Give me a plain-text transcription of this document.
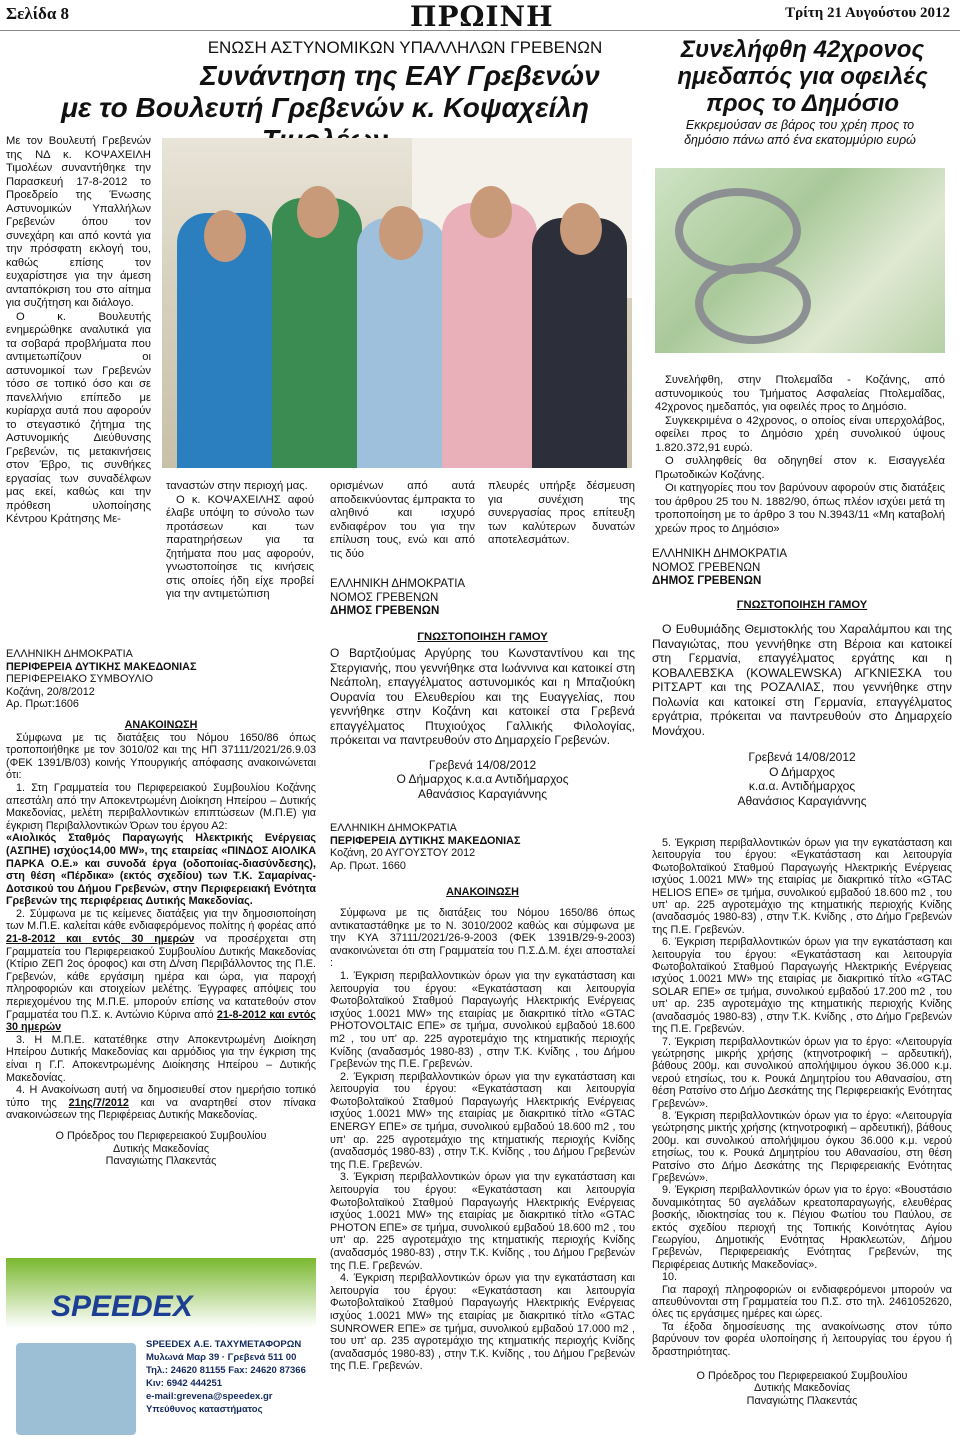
Σελίδα 8	ΠΡΩΙΝΗ	Τρίτη 21 Αυγούστου 2012
ΕΝΩΣΗ ΑΣΤΥΝΟΜΙΚΩΝ ΥΠΑΛΛΗΛΩΝ ΓΡΕΒΕΝΩΝ
Συνάντηση της ΕΑΥ Γρεβενών
με το Βουλευτή Γρεβενών κ. Κοψαχείλη

Με τον Βουλευτή Γρεβενών της ΝΔ κ. ΚΟΨΑΧΕΙΛΗ Τιμολέων συναντήθηκε την Παρασκευή 17-8-2012 το Προεδρείο της Ένωσης Αστυνομικών Υπαλλήλων Γρεβενών όπου τον συνεχάρη και από κοντά για την πρόσφατη εκλογή του, καθώς επίσης τον ευχαρίστησε για την άμεση ανταπόκριση του στο αίτημα για συζήτηση και διάλογο.

Ο κ. Βουλευτής ενημερώθηκε αναλυτικά για τα σοβαρά προβλήματα που αντιμετωπίζουν οι αστυνομικοί των Γρεβενών τόσο σε τοπικό όσο και σε πανελλήνιο επίπεδο με κυρίαρχα αυτά που αφορούν το στεγαστικό ζήτημα της Αστυνομικής Διεύθυνσης Γρεβενών, τις μετακινήσεις στον Έβρο, τις συνθήκες εργασίας των συναδέλφων μας εκεί, καθώς και την πρόθεση υλοποίησης Κέντρου Κράτησης Με-

ταναστών στην περιοχή μας.

Ο κ. ΚΟΨΑΧΕΙΛΗΣ αφού έλαβε υπόψη το σύνολο των προτάσεων και των παρατηρήσεων για τα ζητήματα που μας αφορούν, γνωστοποίησε τις κινήσεις στις οποίες ήδη είχε προβεί για την αντιμετώπιση

ορισμένων από αυτά αποδεικνύοντας έμπρακτα το αληθινό και ισχυρό ενδιαφέρον του για την επίλυση τους, ενώ και από τις δύο
πλευρές υπήρξε δέσμευση για συνέχιση της συνεργασίας προς επίτευξη των καλύτερων δυνατών αποτελεσμάτων.
Συνελήφθη 42χρονος
ημεδαπός για οφειλές
προς το Δημόσιο
Εκκρεμούσαν σε βάρος του χρέη προς το δημόσιο πάνω από ένα εκατομμύριο ευρώ

Συνελήφθη, στην Πτολεμαΐδα - Κοζάνης, από αστυνομικούς του Τμήματος Ασφαλείας Πτολεμαΐδας, 42χρονος ημεδαπός, για οφειλές προς το Δημόσιο.

Συγκεκριμένα ο 42χρονος, ο οποίος είναι υπερχολάβος, οφείλει προς το Δημόσιο χρέη συνολικού ύψους 1.820.372,91 ευρώ.

Ο συλληφθείς θα οδηγηθεί στον κ. Εισαγγελέα Πρωτοδικών Κοζάνης.

Οι κατηγορίες που τον βαρύνουν αφορούν στις διατάξεις του άρθρου 25 του Ν. 1882/90, όπως πλέον ισχύει μετά τη τροποποίηση με το άρθρο 3 του Ν.3943/11 «Μη καταβολή χρεών προς το Δημόσιο»

ΕΛΛΗΝΙΚΗ ΔΗΜΟΚΡΑΤΙΑ
ΝΟΜΟΣ ΓΡΕΒΕΝΩΝ
ΔΗΜΟΣ ΓΡΕΒΕΝΩΝ
ΓΝΩΣΤΟΠΟΙΗΣΗ ΓΑΜΟΥ

Ο Ευθυμιάδης Θεμιστοκλής του Χαραλάμπου και της Παναγιώτας, που γεννήθηκε στη Βέροια και κατοικεί στη Γερμανία, επαγγέλματος εργάτης και η ΚΟΒΑΛΕΒΣΚΑ (KOWALEWSKA) ΑΓΚΝΙΕΣΚΑ του ΡΙΤΣΑΡΤ και της ΡΟΖΑΛΙΑΣ, που γεννήθηκε στην Πολωνία και κατοικεί στη Γερμανία, επαγγέλματος εργάτρια, πρόκειται να παντρευθούν στο Δημαρχείο Μονάχου.

Γρεβενά 14/08/2012
Ο Δήμαρχος
κ.α.α. Αντιδήμαρχος
Αθανάσιος Καραγιάννης
ΕΛΛΗΝΙΚΗ ΔΗΜΟΚΡΑΤΙΑ
ΝΟΜΟΣ ΓΡΕΒΕΝΩΝ
ΔΗΜΟΣ ΓΡΕΒΕΝΩΝ
ΓΝΩΣΤΟΠΟΙΗΣΗ ΓΑΜΟΥ

Ο Βαρτζιούμας Αργύρης του Κωνσταντίνου και της Στεργιανής, που γεννήθηκε στα Ιωάννινα και κατοικεί στη Νεάπολη, επαγγέλματος αστυνομικός και η Μπαζιούκη Ουρανία του Ελευθερίου και της Ευαγγελίας, που γεννήθηκε στην Κοζάνη και κατοικεί στα Γρεβενά επαγγέλματος Πτυχιούχος Γαλλικής Φιλολογίας, πρόκειται να παντρευθούν στο Δημαρχείο Γρεβενών.

Γρεβενά 14/08/2012
Ο Δήμαρχος κ.α.α Αντιδήμαρχος
Αθανάσιος Καραγιάννης
ΕΛΛΗΝΙΚΗ ΔΗΜΟΚΡΑΤΙΑ
ΠΕΡΙΦΕΡΕΙΑ ΔΥΤΙΚΗΣ ΜΑΚΕΔΟΝΙΑΣ
ΠΕΡΙΦΕΡΕΙΑΚΟ ΣΥΜΒΟΥΛΙΟ
Κοζάνη, 20/8/2012
Αρ. Πρωτ:1606
ΑΝΑΚΟΙΝΩΣΗ

Σύμφωνα με τις διατάξεις του Νόμου 1650/86 όπως τροποποιήθηκε με τον 3010/02 και της ΗΠ 37111/2021/26.9.03 (ΦΕΚ 1391/Β/03) κοινής Υπουργικής απόφασης ανακοινώνεται ότι:

1. Στη Γραμματεία του Περιφερειακού Συμβουλίου Κοζάνης απεστάλη από την Αποκεντρωμένη Διοίκηση Ηπείρου – Δυτικής Μακεδονίας, μελέτη περιβαλλοντικών επιπτώσεων (Μ.Π.Ε) για έγκριση Περιβαλλοντικών Όρων του έργου Α2:

«Αιολικός Σταθμός Παραγωγής Ηλεκτρικής Ενέργειας (ΑΣΠΗΕ) ισχύος14,00 MW», της εταιρείας «ΠΙΝΔΟΣ ΑΙΟΛΙΚΑ ΠΑΡΚΑ Ο.Ε.» και συνοδά έργα (οδοποιίας-διασύνδεσης), στη θέση «Πέρδικα» (εκτός σχεδίου) των Τ.Κ. Σαμαρίνας-Δοτσικού του Δήμου Γρεβενών, στην Περιφερειακή Ενότητα Γρεβενών της περιφέρειας Δυτικής Μακεδονίας.

2. Σύμφωνα με τις κείμενες διατάξεις για την δημοσιοποίηση των Μ.Π.Ε. καλείται κάθε ενδιαφερόμενος πολίτης ή φορέας από 21-8-2012 και εντός 30 ημερών να προσέρχεται στη Γραμματεία του Περιφερειακού Συμβουλίου Δυτικής Μακεδονίας (Κτίριο ΖΕΠ 2ος όροφος) και στη Δ/νση Περιβάλλοντος της Π.Ε. Γρεβενών, κάθε εργάσιμη ημέρα και ώρα, για παροχή πληροφοριών και στοιχείων μελέτης. Έγγραφες απόψεις του περιεχομένου της Μ.Π.Ε. μπορούν επίσης να κατατεθούν στον Γραμματέα του Π.Σ. κ. Αντώνιο Κύρινα από 21-8-2012 και εντός 30 ημερών

3. Η Μ.Π.Ε. κατατέθηκε στην Αποκεντρωμένη Διοίκηση Ηπείρου Δυτικής Μακεδονίας και αρμόδιος για την έγκριση της είναι η Γ.Γ. Αποκεντρωμένης Διοίκησης Ηπείρου – Δυτικής Μακεδονίας.

4. Η Ανακοίνωση αυτή να δημοσιευθεί στον ημερήσιο τοπικό τύπο της 21ης/7/2012 και να αναρτηθεί στον πίνακα ανακοινώσεων της Περιφέρειας Δυτικής Μακεδονίας.

Ο Πρόεδρος του Περιφερειακού Συμβουλίου
Δυτικής Μακεδονίας
Παναγιώτης Πλακεντάς
SPEEDEX
SPEEDEX Α.Ε. ΤΑΧΥΜΕΤΑΦΟΡΩΝ
Μυλωνά Μαρ 39 · Γρεβενά 511 00
Τηλ.: 24620 81155 Fax: 24620 87366
Κιν: 6942 444251
e-mail:grevena@speedex.gr
Υπεύθυνος καταστήματος
ΕΛΛΗΝΙΚΗ ΔΗΜΟΚΡΑΤΙΑ
ΠΕΡΙΦΕΡΕΙΑ ΔΥΤΙΚΗΣ ΜΑΚΕΔΟΝΙΑΣ
Κοζάνη, 20 ΑΥΓΟΥΣΤΟΥ 2012
Αρ. Πρωτ. 1660
ΑΝΑΚΟΙΝΩΣΗ

Σύμφωνα με τις διατάξεις του Νόμου 1650/86 όπως αντικαταστάθηκε με το Ν. 3010/2002 καθώς και σύμφωνα με την ΚΥΑ 37111/2021/26-9-2003 (ΦΕΚ 1391Β/29-9-2003) ανακοινώνεται ότι στη Γραμματεία του Π.Σ.Δ.Μ. έχει αποσταλεί :

1. Έγκριση περιβαλλοντικών όρων για την εγκατάσταση και λειτουργία του έργου: «Εγκατάσταση και λειτουργία Φωτοβολταϊκού Σταθμού Παραγωγής Ηλεκτρικής Ενέργειας ισχύος 1.0021 MW» της εταιρίας με διακριτικό τίτλο «GTAC PHOTOVOLTAIC ΕΠΕ» σε τμήμα, συνολικού εμβαδού 18.600 m2 , του υπ' αρ. 225 αγροτεμάχιο της κτηματικής περιοχής Κνίδης (αναδασμός 1980-83) , στην Τ.Κ. Κνίδης , του Δήμου Γρεβενών της Π.Ε. Γρεβενών.

2. Έγκριση περιβαλλοντικών όρων για την εγκατάσταση και λειτουργία του έργου: «Εγκατάσταση και λειτουργία Φωτοβολταϊκού Σταθμού Παραγωγής Ηλεκτρικής Ενέργειας ισχύος 1.0021 MW» της εταιρίας με διακριτικό τίτλο «GTAC ENERGY ΕΠΕ» σε τμήμα, συνολικού εμβαδού 18.600 m2 , του υπ' αρ. 225 αγροτεμάχιο της κτηματικής περιοχής Κνίδης (αναδασμός 1980-83) , στην Τ.Κ. Κνίδης , του Δήμου Γρεβενών της Π.Ε. Γρεβενών.

3. Έγκριση περιβαλλοντικών όρων για την εγκατάσταση και λειτουργία του έργου: «Εγκατάσταση και λειτουργία Φωτοβολταϊκού Σταθμού Παραγωγής Ηλεκτρικής Ενέργειας ισχύος 1.0021 MW» της εταιρίας με διακριτικό τίτλο «GTAC PHOTON ΕΠΕ» σε τμήμα, συνολικού εμβαδού 18.600 m2 , του υπ' αρ. 225 αγροτεμάχιο της κτηματικής περιοχής Κνίδης (αναδασμός 1980-83) , στην Τ.Κ. Κνίδης , του Δήμου Γρεβενών της Π.Ε. Γρεβενών.

4. Έγκριση περιβαλλοντικών όρων για την εγκατάσταση και λειτουργία του έργου: «Εγκατάσταση και λειτουργία Φωτοβολταϊκού Σταθμού Παραγωγής Ηλεκτρικής Ενέργειας ισχύος 1.0021 MW» της εταιρίας με διακριτικό τίτλο «GTAC SUNROWER ΕΠΕ» σε τμήμα, συνολικού εμβαδού 17.000 m2 , του υπ' αρ. 235 αγροτεμάχιο της κτηματικής περιοχής Κνίδης (αναδασμός 1980-83) , στην Τ.Κ. Κνίδης , του Δήμου Γρεβενών της Π.Ε. Γρεβενών.

5. Έγκριση περιβαλλοντικών όρων για την εγκατάσταση και λειτουργία του έργου: «Εγκατάσταση και λειτουργία Φωτοβολταϊκού Σταθμού Παραγωγής Ηλεκτρικής Ενέργειας ισχύος 1.0021 MW» της εταιρίας με διακριτικό τίτλο «GTAC HELIOS ΕΠΕ» σε τμήμα, συνολικού εμβαδού 18.600 m2 , του υπ' αρ. 225 αγροτεμάχιο της κτηματικής περιοχής Κνίδης (αναδασμός 1980-83) , στην Τ.Κ. Κνίδης , στο Δήμο Γρεβενών της Π.Ε. Γρεβενών.

6. Έγκριση περιβαλλοντικών όρων για την εγκατάσταση και λειτουργία του έργου: «Εγκατάσταση και λειτουργία Φωτοβολταϊκού Σταθμού Παραγωγής Ηλεκτρικής Ενέργειας ισχύος 1.0021 MW» της εταιρίας με διακριτικό τίτλο «GTAC SOLAR ΕΠΕ» σε τμήμα, συνολικού εμβαδού 17.200 m2 , του υπ' αρ. 235 αγροτεμάχιο της κτηματικής περιοχής Κνίδης (αναδασμός 1980-83) , στην Τ.Κ. Κνίδης , στο Δήμο Γρεβενών της Π.Ε. Γρεβενών.

7. Έγκριση περιβαλλοντικών όρων για το έργο: «Λειτουργία γεώτρησης μικρής χρήσης (κτηνοτροφική – αρδευτική), βάθους 200μ. και συνολικού απολήψιμου όγκου 36.000 κ.μ. νερού ετησίως, του κ. Ρουκά Δημητρίου του Αθανασίου, στη θέση Ρατσίνο στο Δήμο Δεσκάτης της Περιφερειακής Ενότητας Γρεβενών».

8. Έγκριση περιβαλλοντικών όρων για το έργο: «Λειτουργία γεώτρησης μικτής χρήσης (κτηνοτροφική – αρδευτική), βάθους 200μ. και συνολικού απολήψιμου όγκου 36.000 κ.μ. νερού ετησίως, του κ. Ρουκά Δημητρίου του Αθανασίου, στη θέση Ρατσίνο στο Δήμο Δεσκάτης της Περιφερειακής Ενότητας Γρεβενών».

9. Έγκριση περιβαλλοντικών όρων για το έργο: «Βουστάσιο δυναμικότητας 50 αγελάδων κρεατοπαραγωγής, ελευθέρας βοσκής, ιδιοκτησίας του κ. Πέγιου Φωτίου του Παύλου, σε εκτός σχεδίου περιοχή της Τοπικής Κοινότητας Αγίου Γεωργίου, Δημοτικής Ενότητας Ηρακλεωτών, Δήμου Γρεβενών, Περιφερειακής Ενότητας Γρεβενών, της Περιφέρειας Δυτικής Μακεδονίας».

10.

Για παροχή πληροφοριών οι ενδιαφερόμενοι μπορούν να απευθύνονται στη Γραμματεία του Π.Σ. στο τηλ. 2461052620, όλες τις εργάσιμες ημέρες και ώρες.

Τα έξοδα δημοσίευσης της ανακοίνωσης στον τύπο βαρύνουν τον φορέα υλοποίησης ή λειτουργίας του έργου ή δραστηριότητας.

Ο Πρόεδρος του Περιφερειακού Συμβουλίου
Δυτικής Μακεδονίας
Παναγιώτης Πλακεντάς
